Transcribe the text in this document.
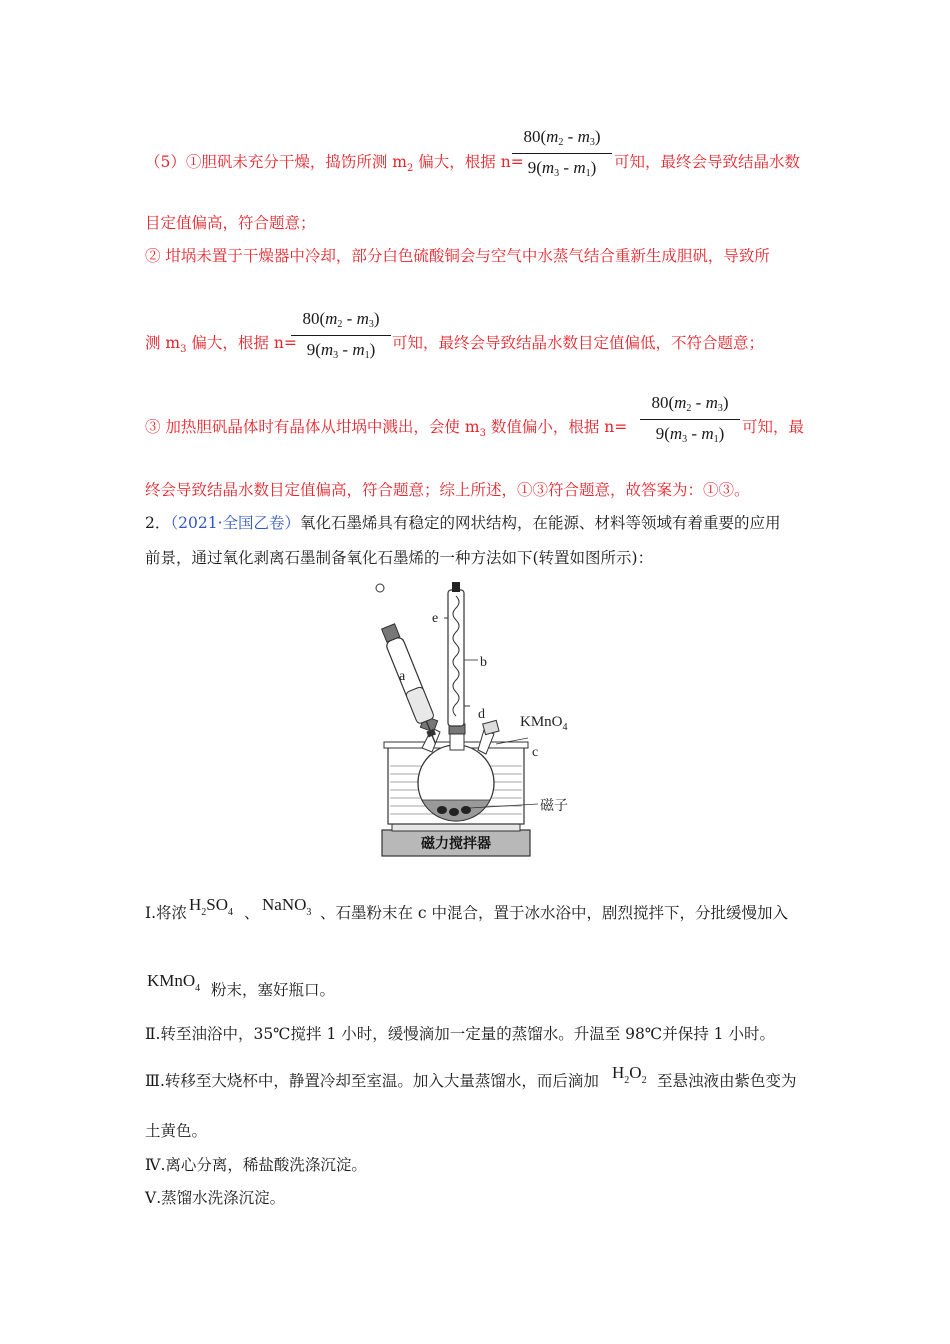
（5）①胆矾未充分干燥，捣饬所测 $m_2$ 偏大，根据 n=
$80(m_2 - m_3)$
$9(m_3 - m_1)$	可知，最终会导致结晶水数
目定值偏高，符合题意；
② 坩埚未置于干燥器中冷却，部分白色硫酸铜会与空气中水蒸气结合重新生成胆矾，导致所
测 $m_3$ 偏大，根据 n=
$80(m_2 - m_3)$
$9(m_3 - m_1)$	可知，最终会导致结晶水数目定值偏低，不符合题意；
③ 加热胆矾晶体时有晶体从坩埚中溅出，会使 $m_3$ 数值偏小，根据 n=
$80(m_2 - m_3)$
$9(m_3 - m_1)$	可知，最
终会导致结晶水数目定值偏高，符合题意；综上所述，①③符合题意，故答案为：①③。
2．（2021·全国乙卷）氧化石墨烯具有稳定的网状结构，在能源、材料等领域有着重要的应用
前景，通过氧化剥离石墨制备氧化石墨烯的一种方法如下(转置如图所示)：
磁力搅拌器
e
b
a
d KMnO$_4$
c
磁子
Ⅰ.将浓 $H_2SO_4$ 、 NaNO$_3$ 、石墨粉末在 c 中混合，置于冰水浴中，剧烈搅拌下，分批缓慢加入
KMnO$_4$ 粉末，塞好瓶口。
Ⅱ.转至油浴中，35℃搅拌 1 小时，缓慢滴加一定量的蒸馏水。升温至 98℃并保持 1 小时。
Ⅲ.转移至大烧杯中，静置冷却至室温。加入大量蒸馏水，而后滴加 $H_2O_2$ 至悬浊液由紫色变为
土黄色。
Ⅳ.离心分离，稀盐酸洗涤沉淀。
Ⅴ.蒸馏水洗涤沉淀。
